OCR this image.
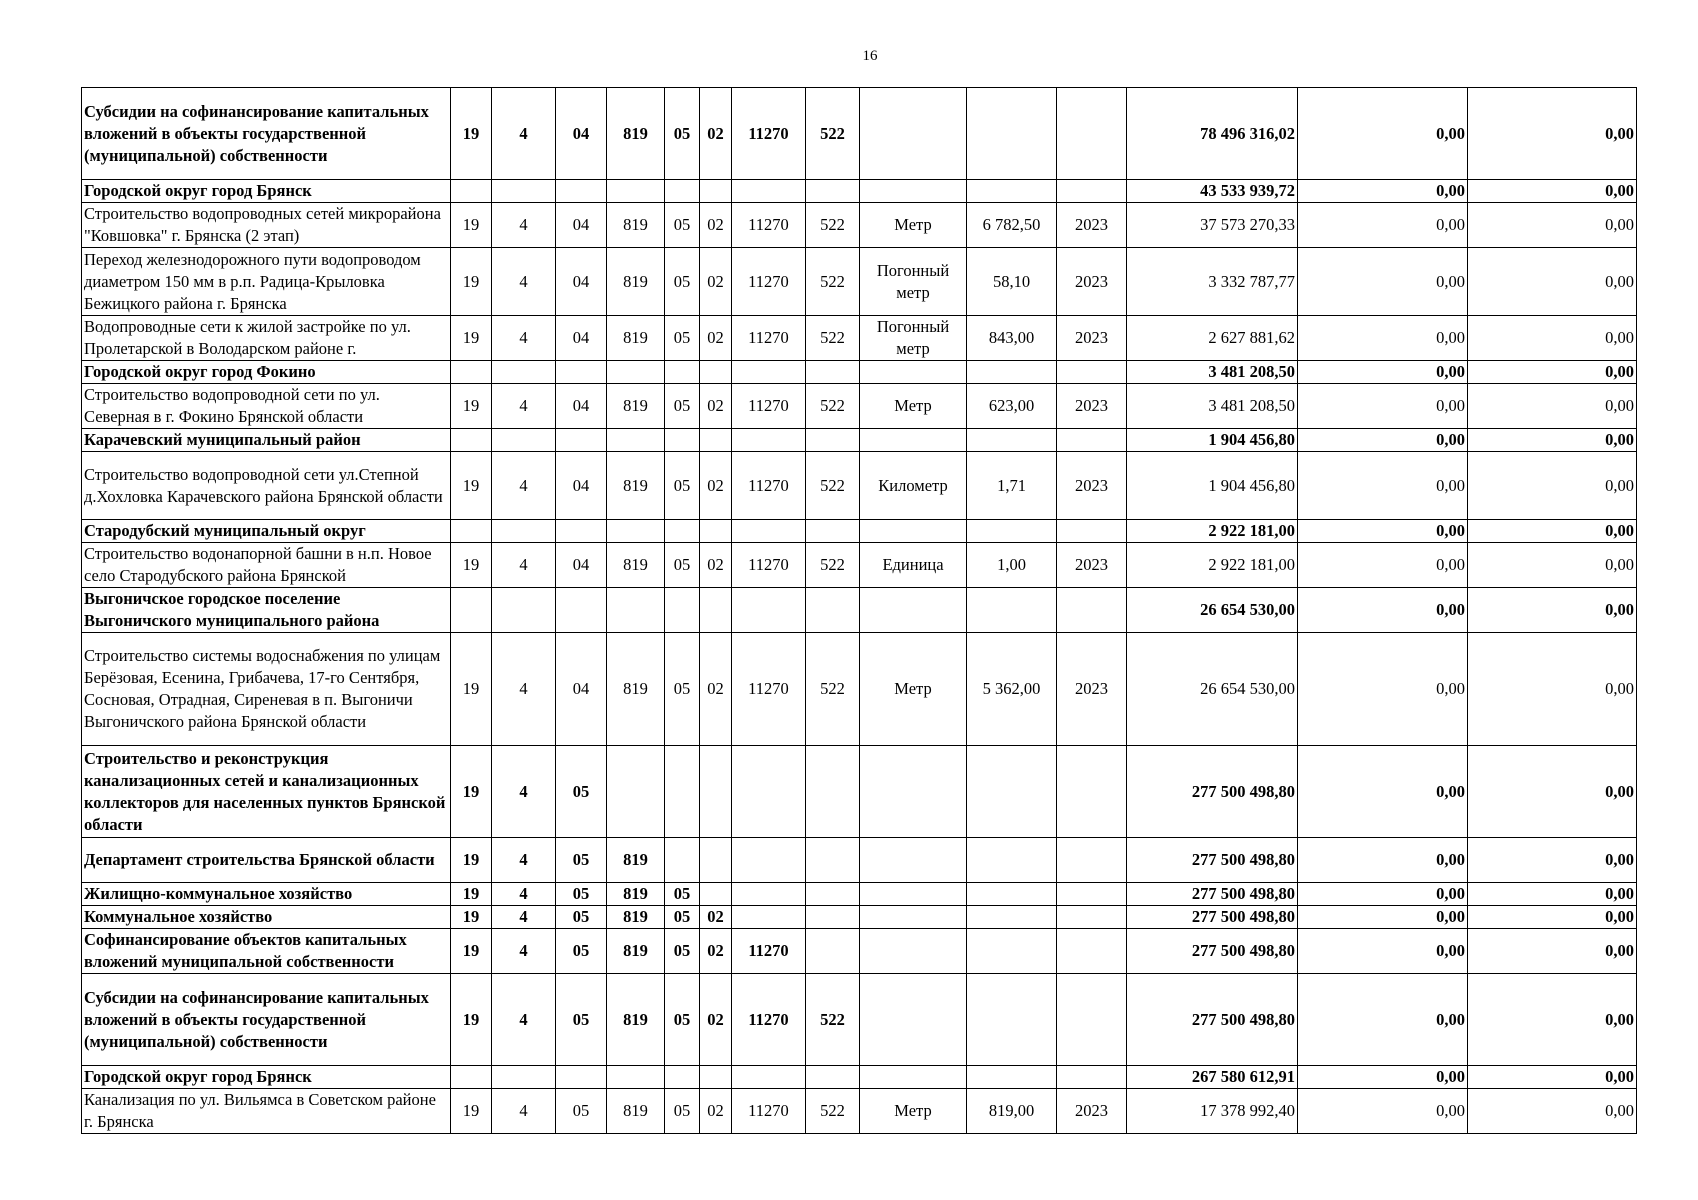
16
Субсидии на софинансирование капитальных вложений в объекты государственной (муниципальной) собственности	19	4	04	819	05	02	11270	522				78 496 316,02	0,00	0,00
Городской округ город Брянск												43 533 939,72	0,00	0,00
Строительство водопроводных сетей микрорайона "Ковшовка" г. Брянска (2 этап)	19	4	04	819	05	02	11270	522	Метр	6 782,50	2023	37 573 270,33	0,00	0,00
Переход железнодорожного пути водопроводом диаметром 150 мм в р.п. Радица-Крыловка Бежицкого района г. Брянска	19	4	04	819	05	02	11270	522	Погонный метр	58,10	2023	3 332 787,77	0,00	0,00
Водопроводные сети к жилой застройке по ул. Пролетарской в Володарском районе г.	19	4	04	819	05	02	11270	522	Погонный метр	843,00	2023	2 627 881,62	0,00	0,00
Городской округ город Фокино												3 481 208,50	0,00	0,00
Строительство водопроводной сети по ул. Северная в г. Фокино Брянской области	19	4	04	819	05	02	11270	522	Метр	623,00	2023	3 481 208,50	0,00	0,00
Карачевский муниципальный район												1 904 456,80	0,00	0,00
Строительство водопроводной сети ул.Степной д.Хохловка Карачевского района Брянской области	19	4	04	819	05	02	11270	522	Километр	1,71	2023	1 904 456,80	0,00	0,00
Стародубский муниципальный округ												2 922 181,00	0,00	0,00
Строительство водонапорной башни в н.п. Новое село Стародубского района Брянской	19	4	04	819	05	02	11270	522	Единица	1,00	2023	2 922 181,00	0,00	0,00
Выгоничское городское поселение Выгоничского муниципального района												26 654 530,00	0,00	0,00
Строительство системы водоснабжения по улицам Берёзовая, Есенина, Грибачева, 17-го Сентября, Сосновая, Отрадная, Сиреневая в п. Выгоничи Выгоничского района Брянской области	19	4	04	819	05	02	11270	522	Метр	5 362,00	2023	26 654 530,00	0,00	0,00
Строительство и реконструкция канализационных сетей и канализационных коллекторов для населенных пунктов Брянской области	19	4	05									277 500 498,80	0,00	0,00
Департамент строительства Брянской области	19	4	05	819								277 500 498,80	0,00	0,00
Жилищно-коммунальное хозяйство	19	4	05	819	05							277 500 498,80	0,00	0,00
Коммунальное хозяйство	19	4	05	819	05	02						277 500 498,80	0,00	0,00
Софинансирование объектов капитальных вложений муниципальной собственности	19	4	05	819	05	02	11270					277 500 498,80	0,00	0,00
Субсидии на софинансирование капитальных вложений в объекты государственной (муниципальной) собственности	19	4	05	819	05	02	11270	522				277 500 498,80	0,00	0,00
Городской округ город Брянск												267 580 612,91	0,00	0,00
Канализация по ул. Вильямса в Советском районе г. Брянска	19	4	05	819	05	02	11270	522	Метр	819,00	2023	17 378 992,40	0,00	0,00
